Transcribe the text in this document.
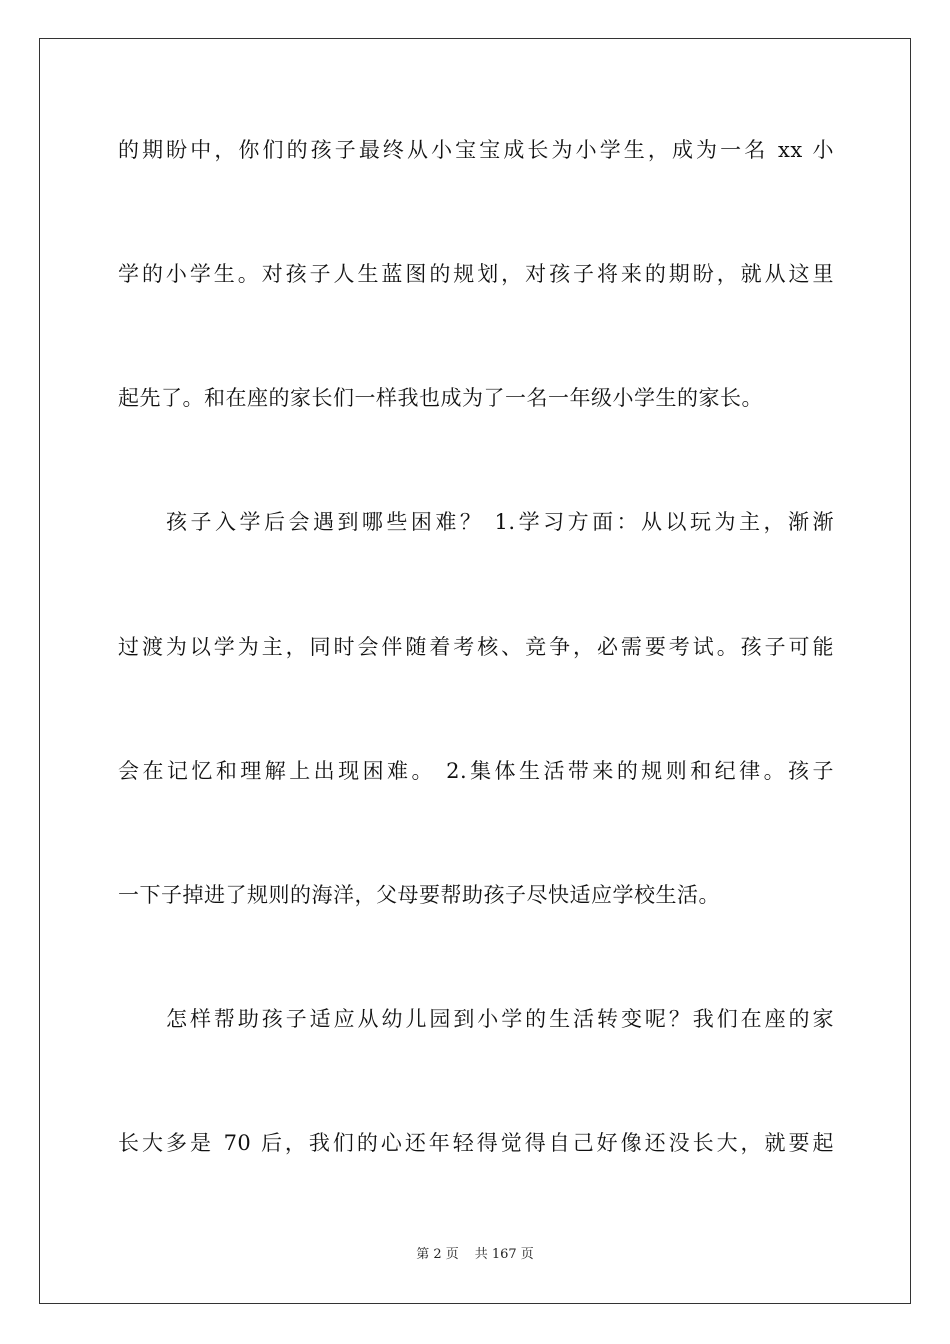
的期盼中，你们的孩子最终从小宝宝成长为小学生，成为一名 xx 小
学的小学生。对孩子人生蓝图的规划，对孩子将来的期盼，就从这里
起先了。和在座的家长们一样我也成为了一名一年级小学生的家长。
孩子入学后会遇到哪些困难？ 1.学习方面：从以玩为主，渐渐
过渡为以学为主，同时会伴随着考核、竞争，必需要考试。孩子可能
会在记忆和理解上出现困难。 2.集体生活带来的规则和纪律。孩子
一下子掉进了规则的海洋，父母要帮助孩子尽快适应学校生活。
怎样帮助孩子适应从幼儿园到小学的生活转变呢？我们在座的家
长大多是 70 后，我们的心还年轻得觉得自己好像还没长大，就要起
第 2 页 共 167 页
